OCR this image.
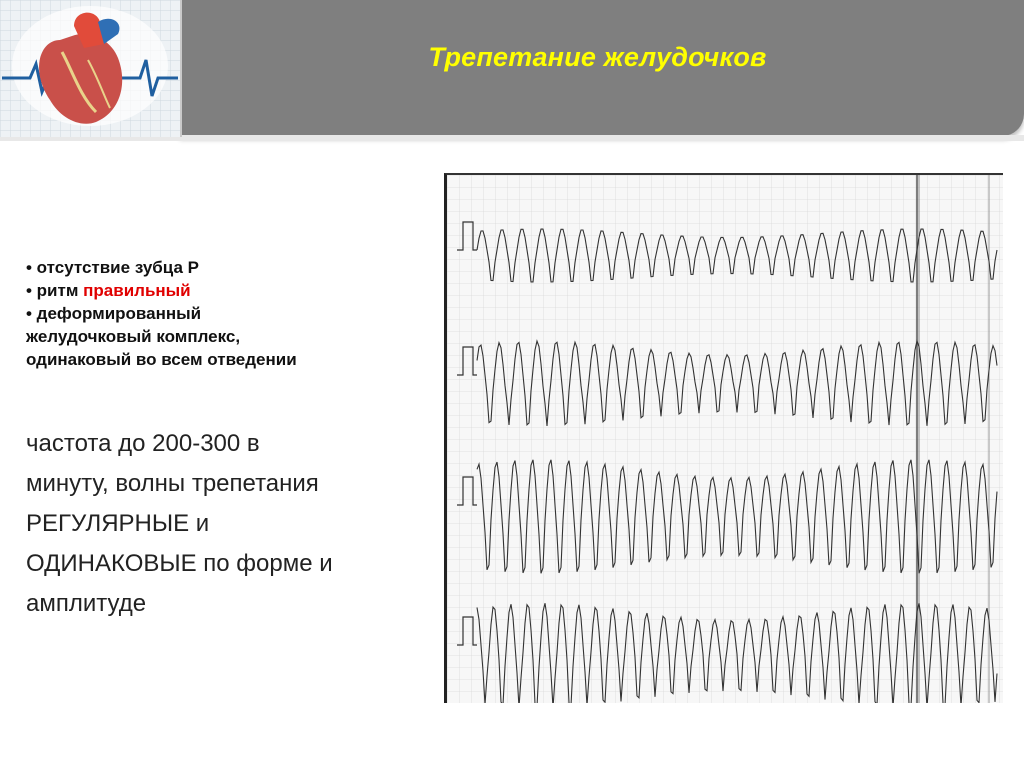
Трепетание желудочков
• отсутствие зубца Р
• ритм правильный
• деформированный
желудочковый комплекс,
одинаковый во всем отведении
частота до 200-300 в
минуту, волны трепетания
РЕГУЛЯРНЫЕ и
ОДИНАКОВЫЕ по форме и
амплитуде
